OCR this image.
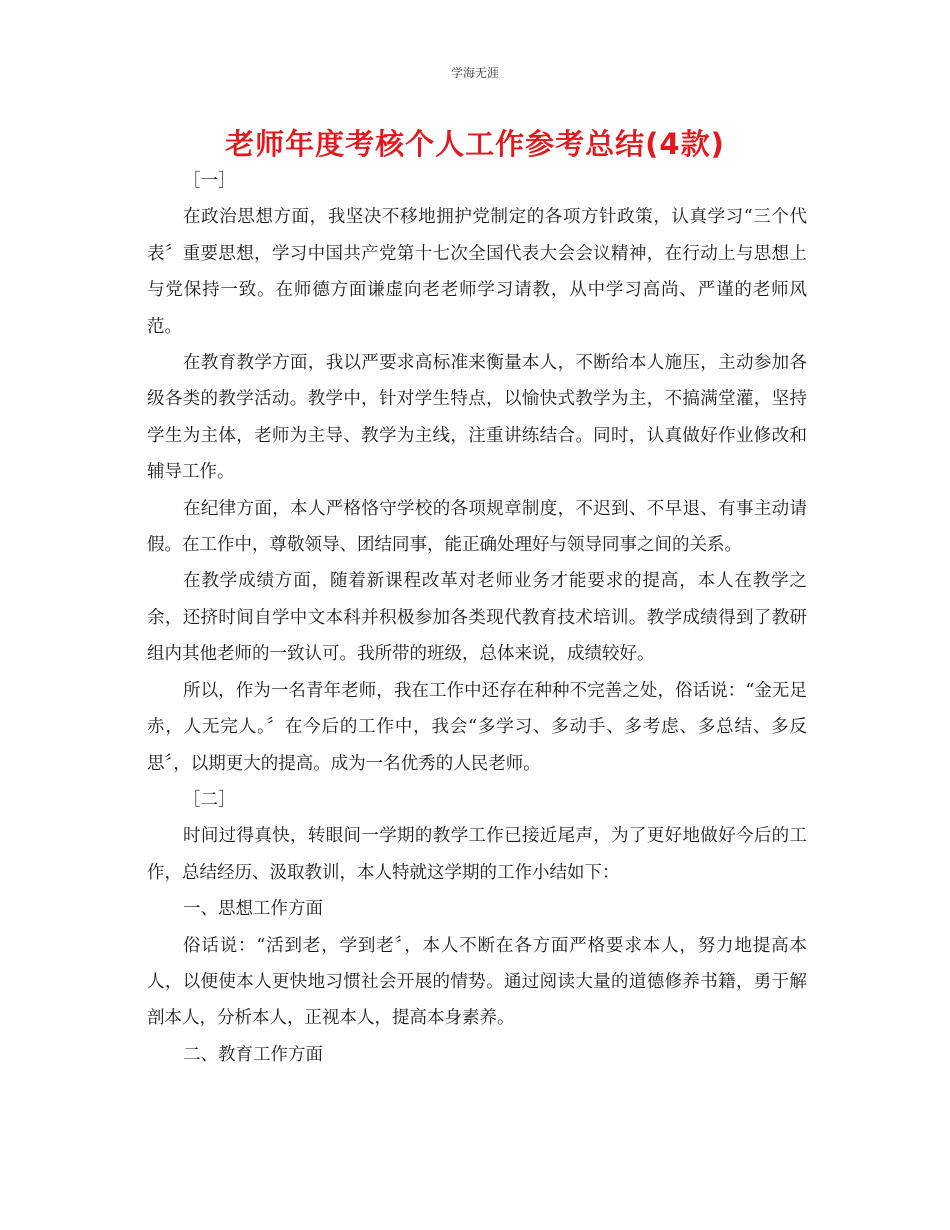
学海无涯
老师年度考核个人工作参考总结(4款)

［一］

在政治思想方面，我坚决不移地拥护党制定的各项方针政策，认真学习“三个代表〞重要思想，学习中国共产党第十七次全国代表大会会议精神，在行动上与思想上与党保持一致。在师德方面谦虚向老老师学习请教，从中学习高尚、严谨的老师风范。

在教育教学方面，我以严要求高标准来衡量本人，不断给本人施压，主动参加各级各类的教学活动。教学中，针对学生特点，以愉快式教学为主，不搞满堂灌，坚持学生为主体，老师为主导、教学为主线，注重讲练结合。同时，认真做好作业修改和辅导工作。

在纪律方面，本人严格恪守学校的各项规章制度，不迟到、不早退、有事主动请假。在工作中，尊敬领导、团结同事，能正确处理好与领导同事之间的关系。

在教学成绩方面，随着新课程改革对老师业务才能要求的提高，本人在教学之余，还挤时间自学中文本科并积极参加各类现代教育技术培训。教学成绩得到了教研组内其他老师的一致认可。我所带的班级，总体来说，成绩较好。

所以，作为一名青年老师，我在工作中还存在种种不完善之处，俗话说：“金无足赤，人无完人。〞在今后的工作中，我会“多学习、多动手、多考虑、多总结、多反思〞，以期更大的提高。成为一名优秀的人民老师。

［二］

时间过得真快，转眼间一学期的教学工作已接近尾声，为了更好地做好今后的工作，总结经历、汲取教训，本人特就这学期的工作小结如下：

一、思想工作方面

俗话说：“活到老，学到老〞，本人不断在各方面严格要求本人，努力地提高本人，以便使本人更快地习惯社会开展的情势。通过阅读大量的道德修养书籍，勇于解剖本人，分析本人，正视本人，提高本身素养。

二、教育工作方面
